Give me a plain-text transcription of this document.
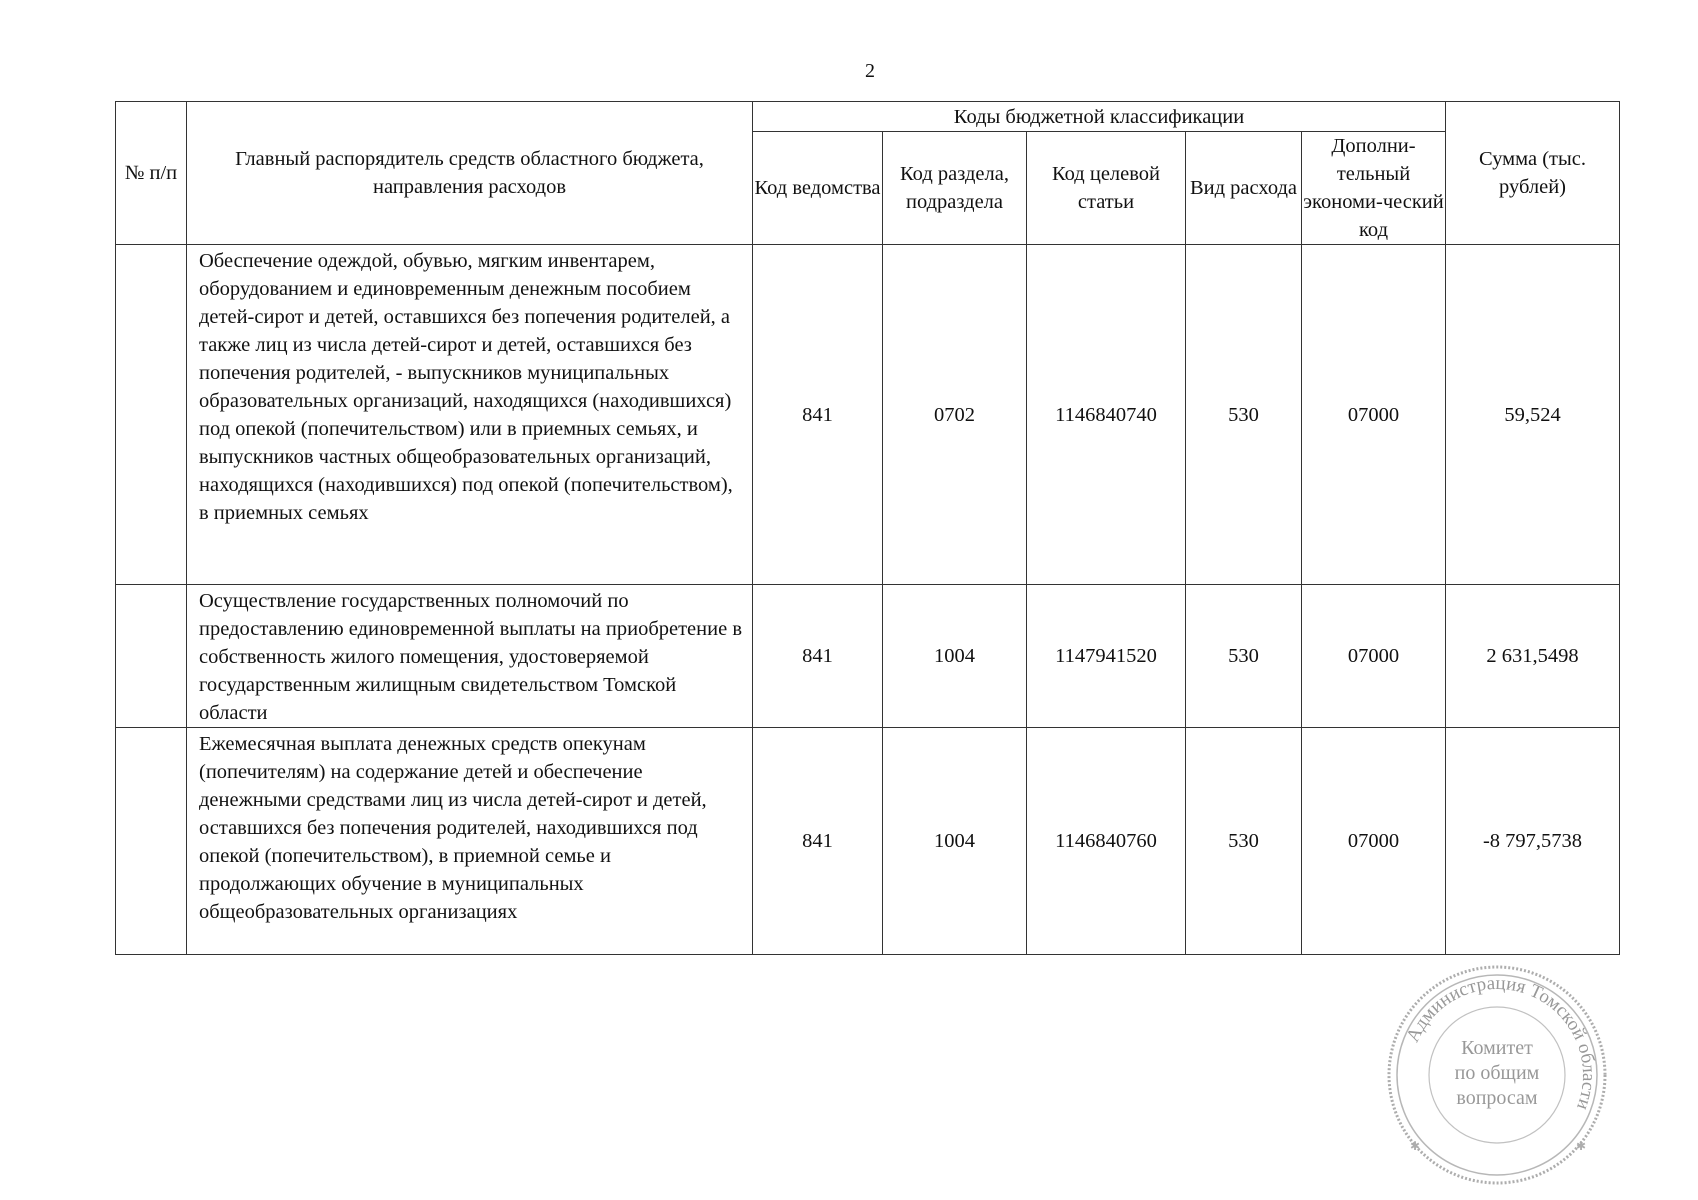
2
№ п/п	Главный распорядитель средств областного бюджета, направления расходов	Коды бюджетной классификации					Сумма (тыс. рублей)
		Код ведомства	Код раздела, подраздела	Код целевой статьи	Вид расхода	Дополни-тельный экономи-ческий код	
	Обеспечение одеждой, обувью, мягким инвентарем, оборудованием и единовременным денежным пособием детей-сирот и детей, оставшихся без попечения родителей, а также лиц из числа детей-сирот и детей, оставшихся без попечения родителей, - выпускников муниципальных образовательных организаций, находящихся (находившихся) под опекой (попечительством) или в приемных семьях, и выпускников частных общеобразовательных организаций, находящихся (находившихся) под опекой (попечительством), в приемных семьях	841	0702	1146840740	530	07000	59,524
	Осуществление государственных полномочий по предоставлению единовременной выплаты на приобретение в собственность жилого помещения, удостоверяемой государственным жилищным свидетельством Томской области	841	1004	1147941520	530	07000	2 631,5498
	Ежемесячная выплата денежных средств опекунам (попечителям) на содержание детей и обеспечение денежными средствами лиц из числа детей-сирот и детей, оставшихся без попечения родителей, находившихся под опекой (попечительством), в приемной семье и продолжающих обучение в муниципальных общеобразовательных организациях	841	1004	1146840760	530	07000	-8 797,5738
Администрация Томской области
Комитет
по общим
вопросам
✱	✱
